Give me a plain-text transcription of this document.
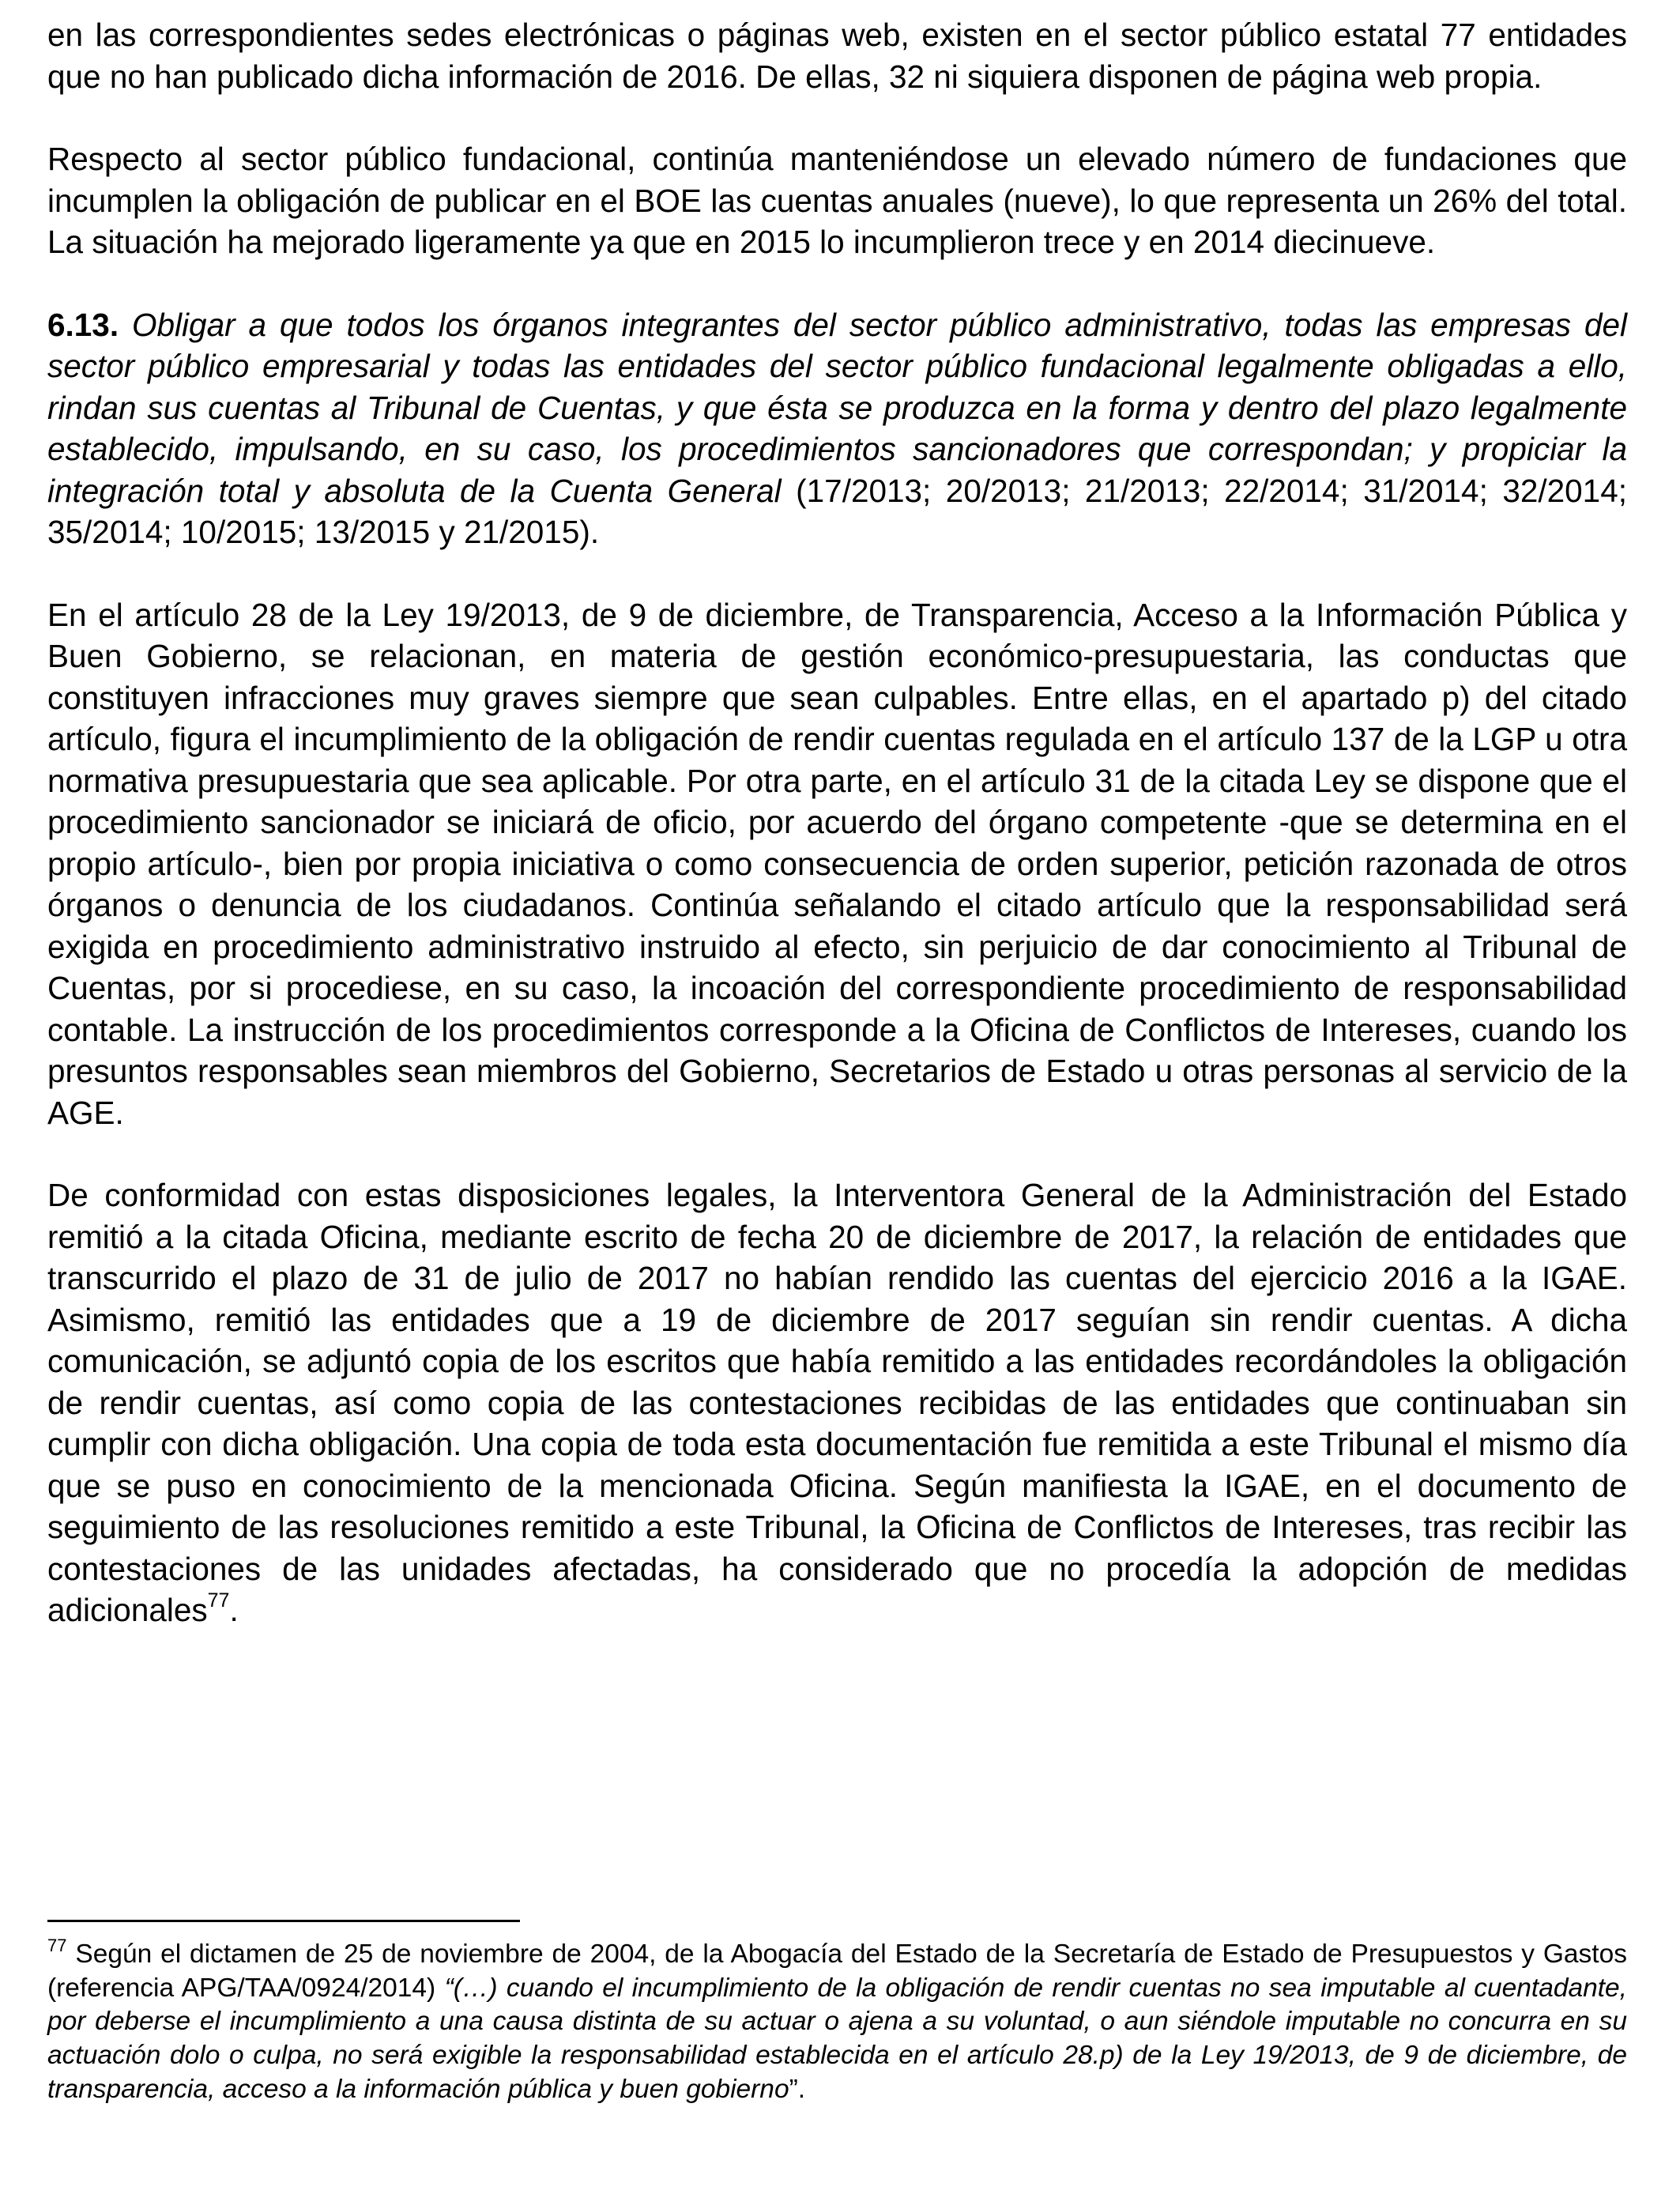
en las correspondientes sedes electrónicas o páginas web, existen en el sector público estatal 77 entidades que no han publicado dicha información de 2016. De ellas, 32 ni siquiera disponen de página web propia.

Respecto al sector público fundacional, continúa manteniéndose un elevado número de fundaciones que incumplen la obligación de publicar en el BOE las cuentas anuales (nueve), lo que representa un 26% del total. La situación ha mejorado ligeramente ya que en 2015 lo incumplieron trece y en 2014 diecinueve.

6.13. Obligar a que todos los órganos integrantes del sector público administrativo, todas las empresas del sector público empresarial y todas las entidades del sector público fundacional legalmente obligadas a ello, rindan sus cuentas al Tribunal de Cuentas, y que ésta se produzca en la forma y dentro del plazo legalmente establecido, impulsando, en su caso, los procedimientos sancionadores que correspondan; y propiciar la integración total y absoluta de la Cuenta General (17/2013; 20/2013; 21/2013; 22/2014; 31/2014; 32/2014; 35/2014; 10/2015; 13/2015 y 21/2015).

En el artículo 28 de la Ley 19/2013, de 9 de diciembre, de Transparencia, Acceso a la Información Pública y Buen Gobierno, se relacionan, en materia de gestión económico-presupuestaria, las conductas que constituyen infracciones muy graves siempre que sean culpables. Entre ellas, en el apartado p) del citado artículo, figura el incumplimiento de la obligación de rendir cuentas regulada en el artículo 137 de la LGP u otra normativa presupuestaria que sea aplicable. Por otra parte, en el artículo 31 de la citada Ley se dispone que el procedimiento sancionador se iniciará de oficio, por acuerdo del órgano competente -que se determina en el propio artículo-, bien por propia iniciativa o como consecuencia de orden superior, petición razonada de otros órganos o denuncia de los ciudadanos. Continúa señalando el citado artículo que la responsabilidad será exigida en procedimiento administrativo instruido al efecto, sin perjuicio de dar conocimiento al Tribunal de Cuentas, por si procediese, en su caso, la incoación del correspondiente procedimiento de responsabilidad contable. La instrucción de los procedimientos corresponde a la Oficina de Conflictos de Intereses, cuando los presuntos responsables sean miembros del Gobierno, Secretarios de Estado u otras personas al servicio de la AGE.

De conformidad con estas disposiciones legales, la Interventora General de la Administración del Estado remitió a la citada Oficina, mediante escrito de fecha 20 de diciembre de 2017, la relación de entidades que transcurrido el plazo de 31 de julio de 2017 no habían rendido las cuentas del ejercicio 2016 a la IGAE. Asimismo, remitió las entidades que a 19 de diciembre de 2017 seguían sin rendir cuentas. A dicha comunicación, se adjuntó copia de los escritos que había remitido a las entidades recordándoles la obligación de rendir cuentas, así como copia de las contestaciones recibidas de las entidades que continuaban sin cumplir con dicha obligación. Una copia de toda esta documentación fue remitida a este Tribunal el mismo día que se puso en conocimiento de la mencionada Oficina. Según manifiesta la IGAE, en el documento de seguimiento de las resoluciones remitido a este Tribunal, la Oficina de Conflictos de Intereses, tras recibir las contestaciones de las unidades afectadas, ha considerado que no procedía la adopción de medidas adicionales$^{77}$.

$^{77}$ Según el dictamen de 25 de noviembre de 2004, de la Abogacía del Estado de la Secretaría de Estado de Presupuestos y Gastos (referencia APG/TAA/0924/2014) “(…) cuando el incumplimiento de la obligación de rendir cuentas no sea imputable al cuentadante, por deberse el incumplimiento a una causa distinta de su actuar o ajena a su voluntad, o aun siéndole imputable no concurra en su actuación dolo o culpa, no será exigible la responsabilidad establecida en el artículo 28.p) de la Ley 19/2013, de 9 de diciembre, de transparencia, acceso a la información pública y buen gobierno”.
